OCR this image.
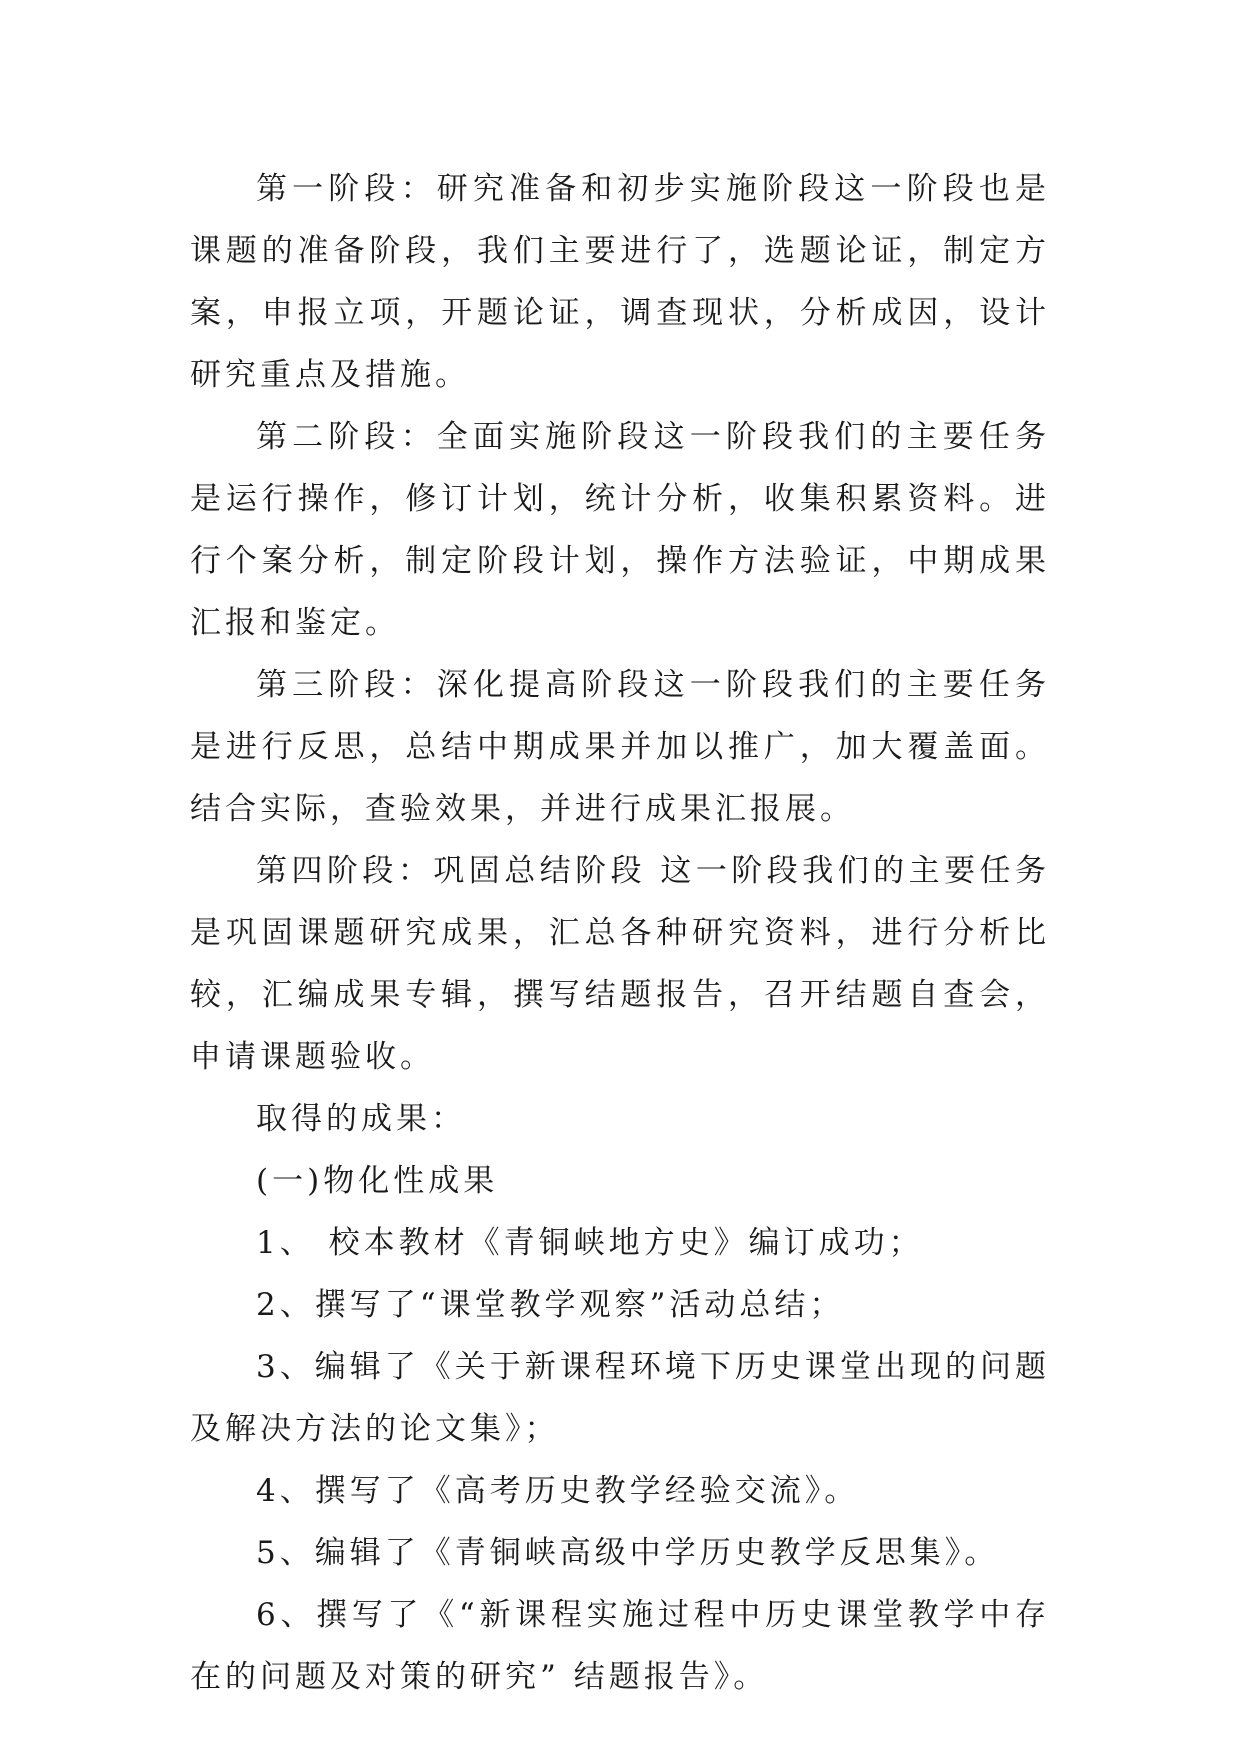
第一阶段：研究准备和初步实施阶段这一阶段也是课题的准备阶段，我们主要进行了，选题论证，制定方案，申报立项，开题论证，调查现状，分析成因，设计研究重点及措施。

第二阶段：全面实施阶段这一阶段我们的主要任务是运行操作，修订计划，统计分析，收集积累资料。进行个案分析，制定阶段计划，操作方法验证，中期成果汇报和鉴定。

第三阶段：深化提高阶段这一阶段我们的主要任务是进行反思，总结中期成果并加以推广，加大覆盖面。结合实际，查验效果，并进行成果汇报展。

第四阶段：巩固总结阶段 这一阶段我们的主要任务是巩固课题研究成果，汇总各种研究资料，进行分析比较，汇编成果专辑，撰写结题报告，召开结题自查会，申请课题验收。

取得的成果：

(一)物化性成果

1、 校本教材《青铜峡地方史》编订成功；

2、撰写了“课堂教学观察”活动总结；

3、编辑了《关于新课程环境下历史课堂出现的问题及解决方法的论文集》；

4、撰写了《高考历史教学经验交流》。

5、编辑了《青铜峡高级中学历史教学反思集》。

6、撰写了《“新课程实施过程中历史课堂教学中存在的问题及对策的研究” 结题报告》。
